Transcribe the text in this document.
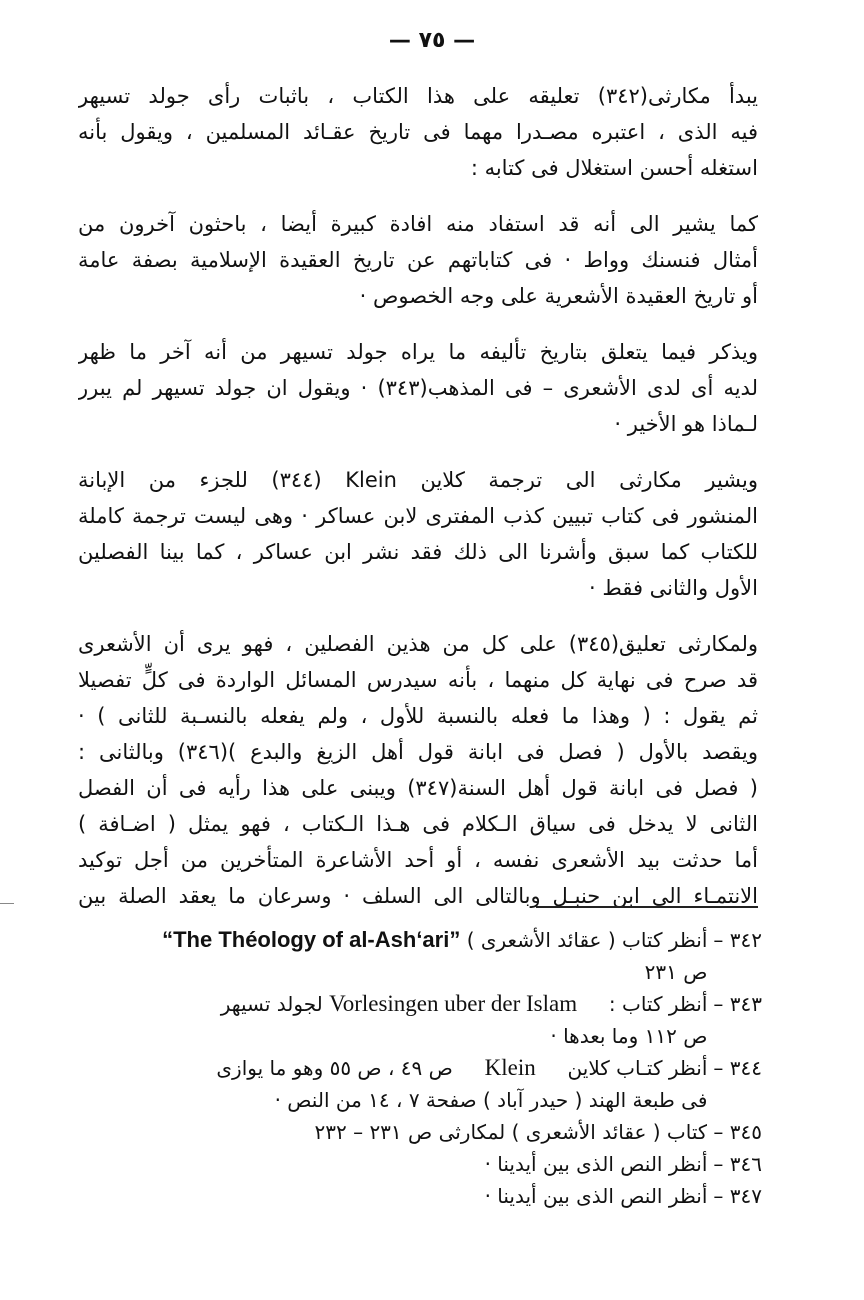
— ٧٥ —

يبدأ مكارثى(٣٤٢) تعليقه على هذا الكتاب ، باثبات رأى جولد تسيهر
فيه الذى ، اعتبره مصـدرا مهما فى تاريخ عقـائد المسلمين ، ويقول بأنه
استغله أحسن استغلال فى كتابه :

كما يشير الى أنه قد استفاد منه افادة كبيرة أيضا ، باحثون آخرون من
أمثال فنسنك وواط · فى كتاباتهم عن تاريخ العقيدة الإسلامية بصفة عامة
أو تاريخ العقيدة الأشعرية على وجه الخصوص ·

ويذكر فيما يتعلق بتاريخ تأليفه ما يراه جولد تسيهر من أنه آخر ما ظهر
لديه أى لدى الأشعرى – فى المذهب(٣٤٣) · ويقول ان جولد تسيهر لم يبرر
لـماذا هو الأخير ·

ويشير مكارثى الى ترجمة كلاين Klein (٣٤٤) للجزء من الإبانة
المنشور فى كتاب تبيين كذب المفترى لابن عساكر · وهى ليست ترجمة كاملة
للكتاب كما سبق وأشرنا الى ذلك فقد نشر ابن عساكر ، كما بينا الفصلين
الأول والثانى فقط ·

ولمكارثى تعليق(٣٤٥) على كل من هذين الفصلين ، فهو يرى أن الأشعرى
قد صرح فى نهاية كل منهما ، بأنه سيدرس المسائل الواردة فى كلٍّ تفصيلا
ثم يقول : ( وهذا ما فعله بالنسبة للأول ، ولم يفعله بالنسـبة للثانى ) ·
ويقصد بالأول ( فصل فى ابانة قول أهل الزيغ والبدع )(٣٤٦) وبالثانى :
( فصل فى ابانة قول أهل السنة(٣٤٧) ويبنى على هذا رأيه فى أن الفصل
الثانى لا يدخل فى سياق الـكلام فى هـذا الـكتاب ، فهو يمثل ( اضـافة )
أما حدثت بيد الأشعرى نفسه ، أو أحد الأشاعرة المتأخرين من أجل توكيد
الانتمـاء الى ابن حنبـل وبالتالى الى السلف · وسرعان ما يعقد الصلة بين

٣٤٢ –
أنظر كتاب ( عقائد الأشعرى ) “The Théology of al-Ash‘ari”
ص ٢٣١
٣٤٣ –
أنظر كتاب :     Vorlesingen uber der Islam لجولد تسيهر
ص ١١٢ وما بعدها ·
٣٤٤ –
أنظر كتـاب كلاين     Klein     ص ٤٩ ، ص ٥٥ وهو ما يوازى
فى طبعة الهند ( حيدر آباد ) صفحة ٧ ، ١٤ من النص ·
٣٤٥ –
كتاب ( عقائد الأشعرى ) لمكارثى ص ٢٣١ – ٢٣٢
٣٤٦ –
أنظر النص الذى بين أيدينا ·
٣٤٧ –
أنظر النص الذى بين أيدينا ·
